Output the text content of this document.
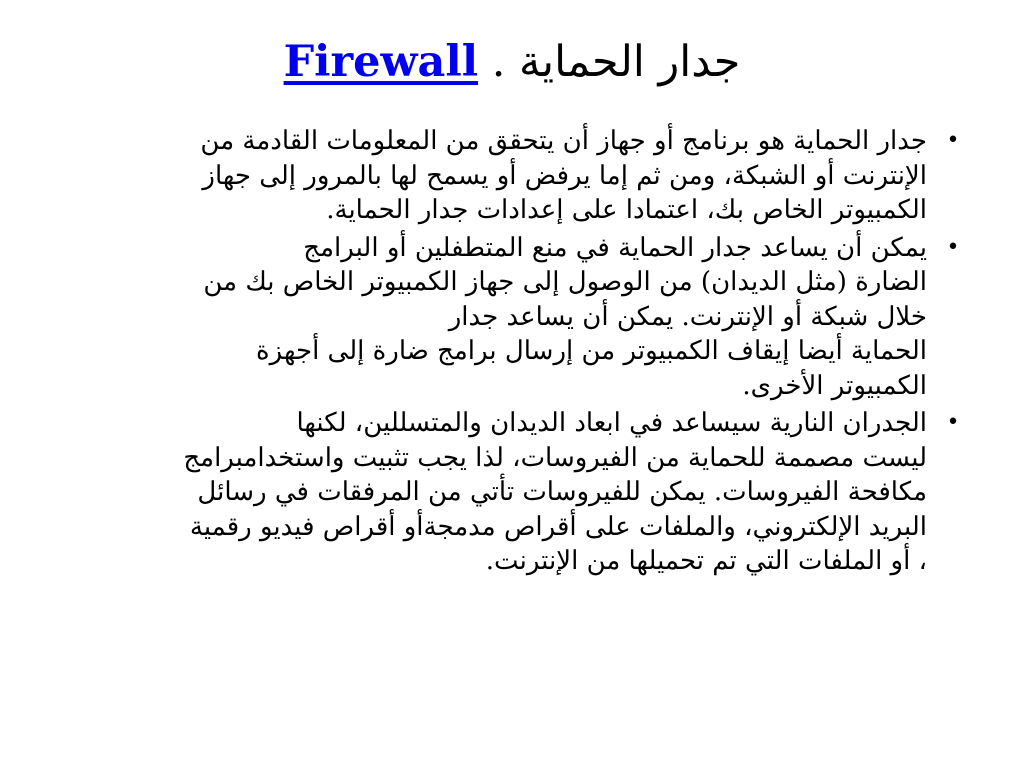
جدار الحماية . Firewall
•
جدار الحماية هو برنامج أو جهاز أن يتحقق من المعلومات القادمة من
الإنترنت أو الشبكة، ومن ثم إما يرفض أو يسمح لها بالمرور إلى جهاز
الكمبيوتر الخاص بك، اعتمادا على إعدادات جدار الحماية.
•
يمكن أن يساعد جدار الحماية في منع المتطفلين أو البرامج
الضارة (مثل الديدان) من الوصول إلى جهاز الكمبيوتر الخاص بك من
خلال شبكة أو الإنترنت. يمكن أن يساعد جدار
الحماية أيضا إيقاف الكمبيوتر من إرسال برامج ضارة إلى أجهزة
الكمبيوتر الأخرى.
•
الجدران النارية سيساعد في ابعاد الديدان والمتسللين، لكنها
ليست مصممة للحماية من الفيروسات، لذا يجب تثبيت واستخدامبرامج
مكافحة الفيروسات. يمكن للفيروسات تأتي من المرفقات في رسائل
البريد الإلكتروني، والملفات على أقراص مدمجةأو أقراص فيديو رقمية
، أو الملفات التي تم تحميلها من الإنترنت.
